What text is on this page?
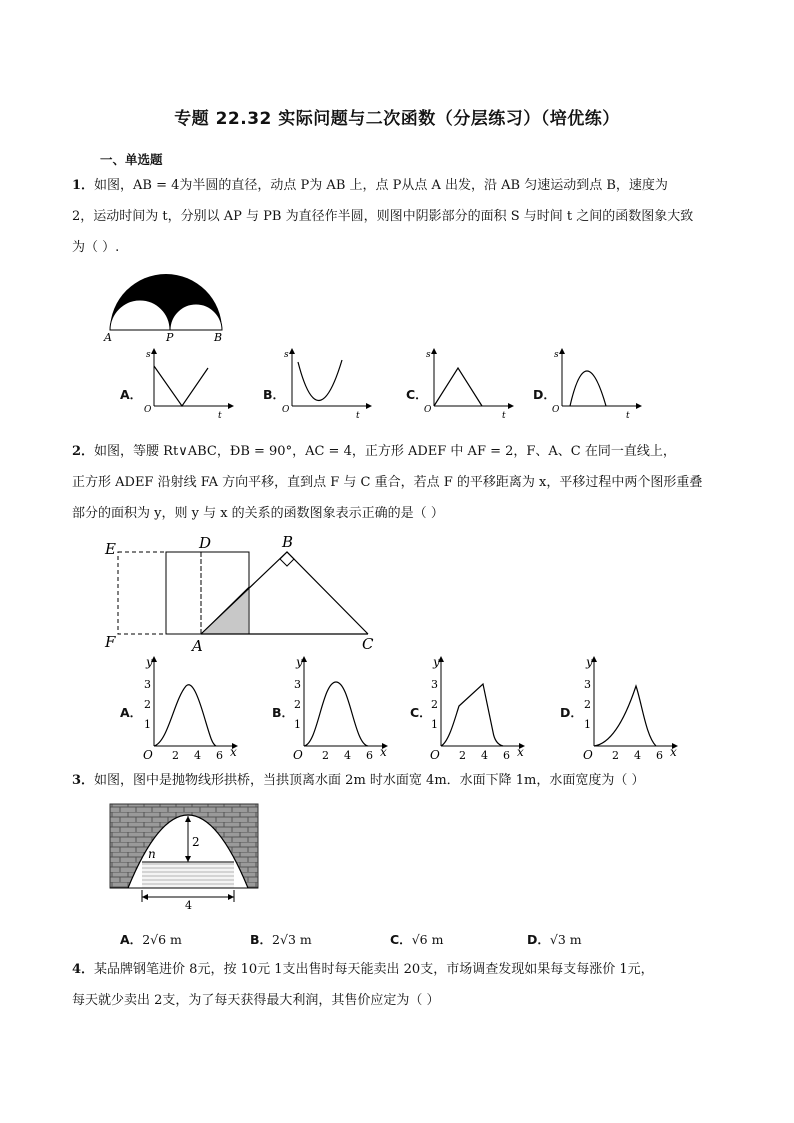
专题 22.32 实际问题与二次函数（分层练习）（培优练）
一、单选题
1．如图，AB = 4为半圆的直径，动点 P为 AB 上，点 P从点 A 出发，沿 AB 匀速运动到点 B，速度为
2，运动时间为 t，分别以 AP 与 PB 为直径作半圆，则图中阴影部分的面积 S 与时间 t 之间的函数图象大致
为（ ）.
A	P	B
A．
O
s
t
B．
O
s
t
C．
O
s
t
D．
O
s
t
2．如图，等腰 Rt∨ABC，ÐB = 90°，AC = 4，正方形 ADEF 中 AF = 2，F、A、C 在同一直线上，
正方形 ADEF 沿射线 FA 方向平移，直到点 F 与 C 重合，若点 F 的平移距离为 x，平移过程中两个图形重叠
部分的面积为 y，则 y 与 x 的关系的函数图象表示正确的是（ ）
E	D	B
F	A	C
A．
O
y
x
2 4 6
3
2
1
B．
O
y
x
2 4 6
3
2
1
C．
O
y
x
2 4 6
3
2
1
D．
O
y
x
2 4 6
3
2
1
3．如图，图中是抛物线形拱桥，当拱顶离水面 2m 时水面宽 4m．水面下降 1m，水面宽度为（ ）
2
n
4
A．2√6 m	B．2√3 m	C．√6 m	D．√3 m
4．某品牌钢笔进价 8元，按 10元 1支出售时每天能卖出 20支，市场调查发现如果每支每涨价 1元，
每天就少卖出 2支，为了每天获得最大利润，其售价应定为（ ）
